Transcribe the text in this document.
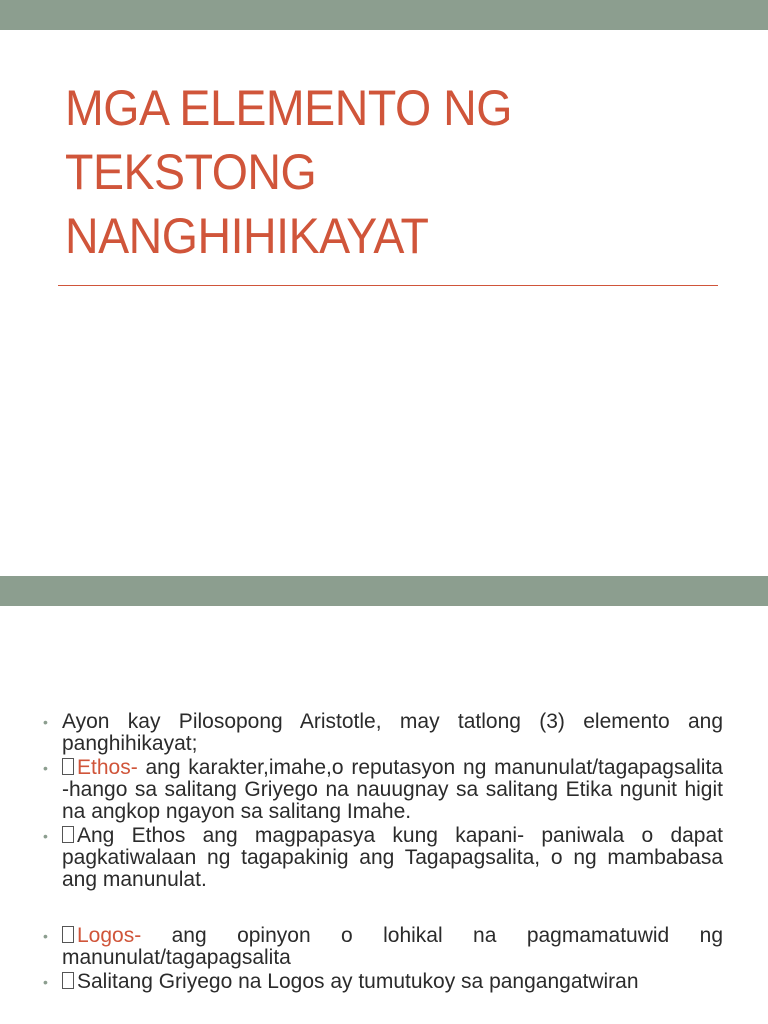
MGA ELEMENTO NG
TEKSTONG
NANGHIHIKAYAT
• Ayon kay Pilosopong Aristotle, may tatlong (3) elemento ang panghihikayat;
• Ethos- ang karakter,imahe,o reputasyon ng manunulat/tagapagsalita -hango sa salitang Griyego na nauugnay sa salitang Etika ngunit higit na angkop ngayon sa salitang Imahe.
• Ang Ethos ang magpapasya kung kapani- paniwala o dapat pagkatiwalaan ng tagapakinig ang Tagapagsalita, o ng mambabasa ang manunulat.
• Logos- ang opinyon o lohikal na pagmamatuwid ng manunulat/tagapagsalita
• Salitang Griyego na Logos ay tumutukoy sa pangangatwiran
